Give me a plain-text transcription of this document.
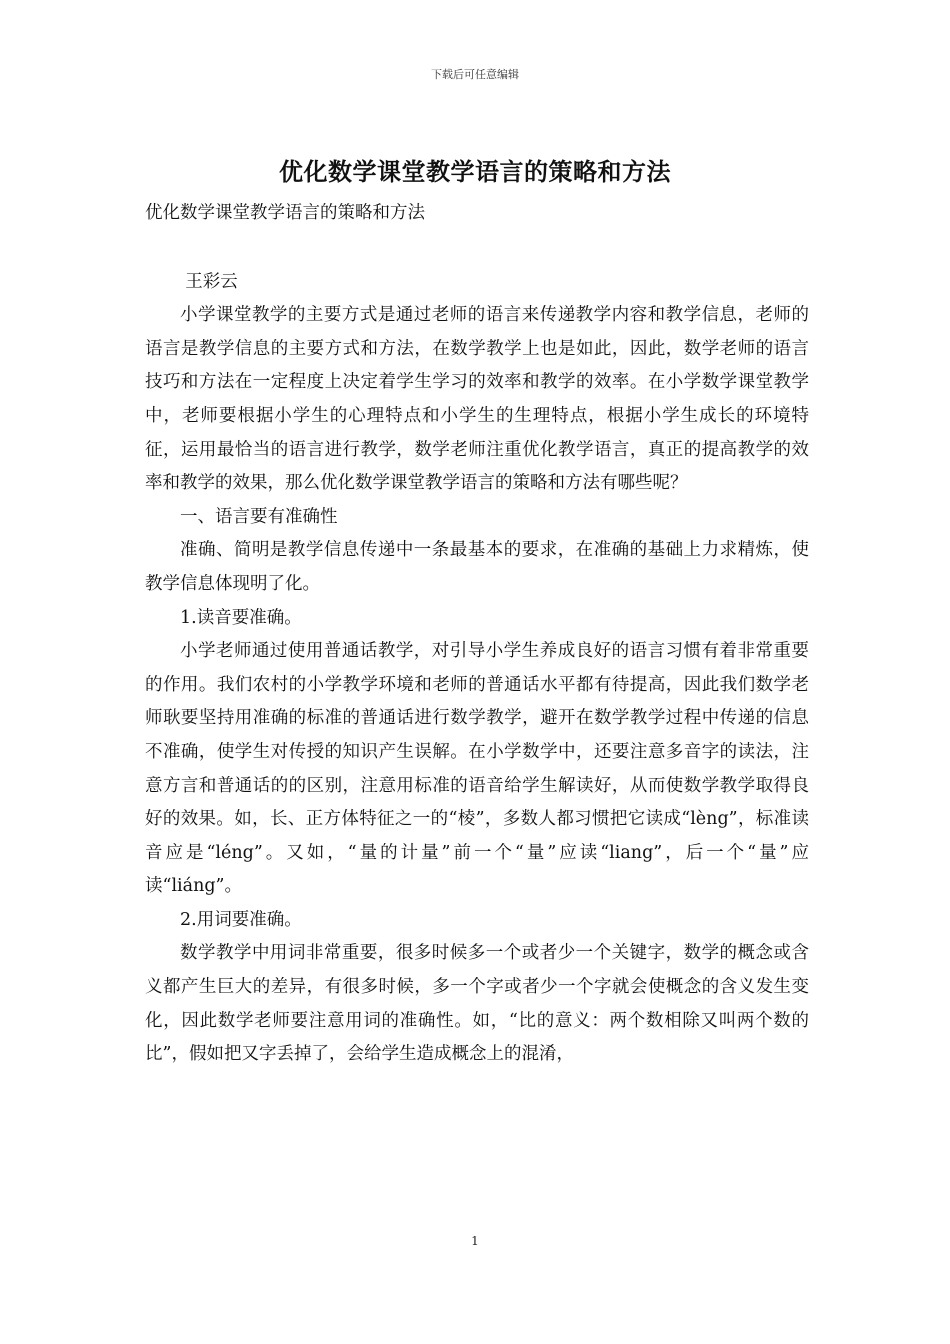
下载后可任意编辑
优化数学课堂教学语言的策略和方法

优化数学课堂教学语言的策略和方法

王彩云

小学课堂教学的主要方式是通过老师的语言来传递教学内容和教学信息，老师的语言是教学信息的主要方式和方法，在数学教学上也是如此，因此，数学老师的语言技巧和方法在一定程度上决定着学生学习的效率和教学的效率。在小学数学课堂教学中，老师要根据小学生的心理特点和小学生的生理特点，根据小学生成长的环境特征，运用最恰当的语言进行教学，数学老师注重优化教学语言，真正的提高教学的效率和教学的效果，那么优化数学课堂教学语言的策略和方法有哪些呢？

一、语言要有准确性

准确、简明是教学信息传递中一条最基本的要求，在准确的基础上力求精炼，使教学信息体现明了化。

1.读音要准确。

小学老师通过使用普通话教学，对引导小学生养成良好的语言习惯有着非常重要的作用。我们农村的小学教学环境和老师的普通话水平都有待提高，因此我们数学老师耿要坚持用准确的标准的普通话进行数学教学，避开在数学教学过程中传递的信息不准确，使学生对传授的知识产生误解。在小学数学中，还要注意多音字的读法，注意方言和普通话的的区别，注意用标准的语音给学生解读好，从而使数学教学取得良好的效果。如，长、正方体特征之一的“棱”，多数人都习惯把它读成“lèng”，标准读音应是“léng”。又如，“量的计量”前一个“量”应读“liang”，后一个“量”应读“liáng”。

2.用词要准确。

数学教学中用词非常重要，很多时候多一个或者少一个关键字，数学的概念或含义都产生巨大的差异，有很多时候，多一个字或者少一个字就会使概念的含义发生变化，因此数学老师要注意用词的准确性。如，“比的意义：两个数相除又叫两个数的比”，假如把又字丢掉了，会给学生造成概念上的混淆，

1
